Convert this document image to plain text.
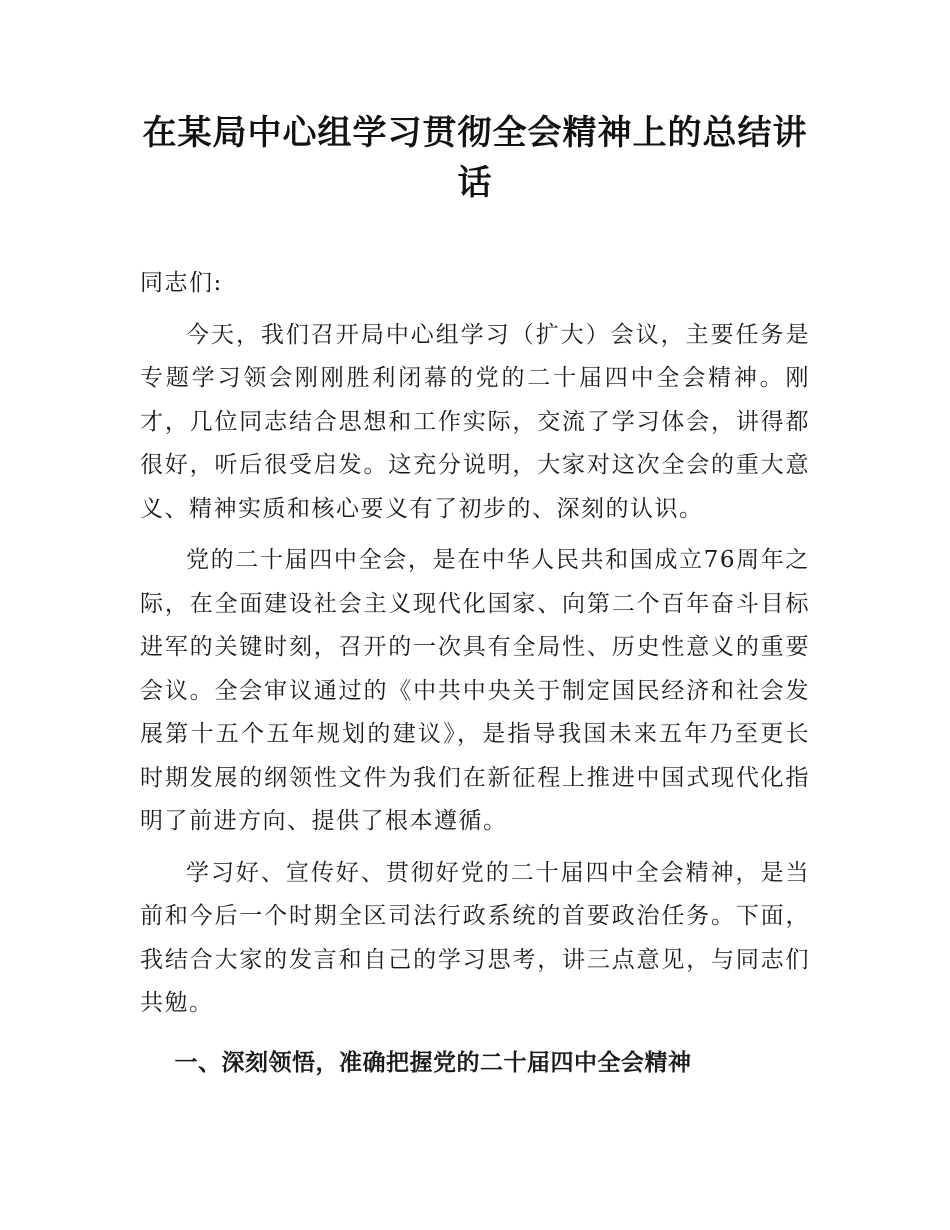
在某局中心组学习贯彻全会精神上的总结讲话

同志们:

今天，我们召开局中心组学习（扩大）会议，主要任务是专题学习领会刚刚胜利闭幕的党的二十届四中全会精神。刚才，几位同志结合思想和工作实际，交流了学习体会，讲得都很好，听后很受启发。这充分说明，大家对这次全会的重大意义、精神实质和核心要义有了初步的、深刻的认识。

党的二十届四中全会，是在中华人民共和国成立76周年之际，在全面建设社会主义现代化国家、向第二个百年奋斗目标进军的关键时刻，召开的一次具有全局性、历史性意义的重要会议。全会审议通过的《中共中央关于制定国民经济和社会发展第十五个五年规划的建议》，是指导我国未来五年乃至更长时期发展的纲领性文件为我们在新征程上推进中国式现代化指明了前进方向、提供了根本遵循。

学习好、宣传好、贯彻好党的二十届四中全会精神，是当前和今后一个时期全区司法行政系统的首要政治任务。下面，我结合大家的发言和自己的学习思考，讲三点意见，与同志们共勉。

一、深刻领悟，准确把握党的二十届四中全会精神
